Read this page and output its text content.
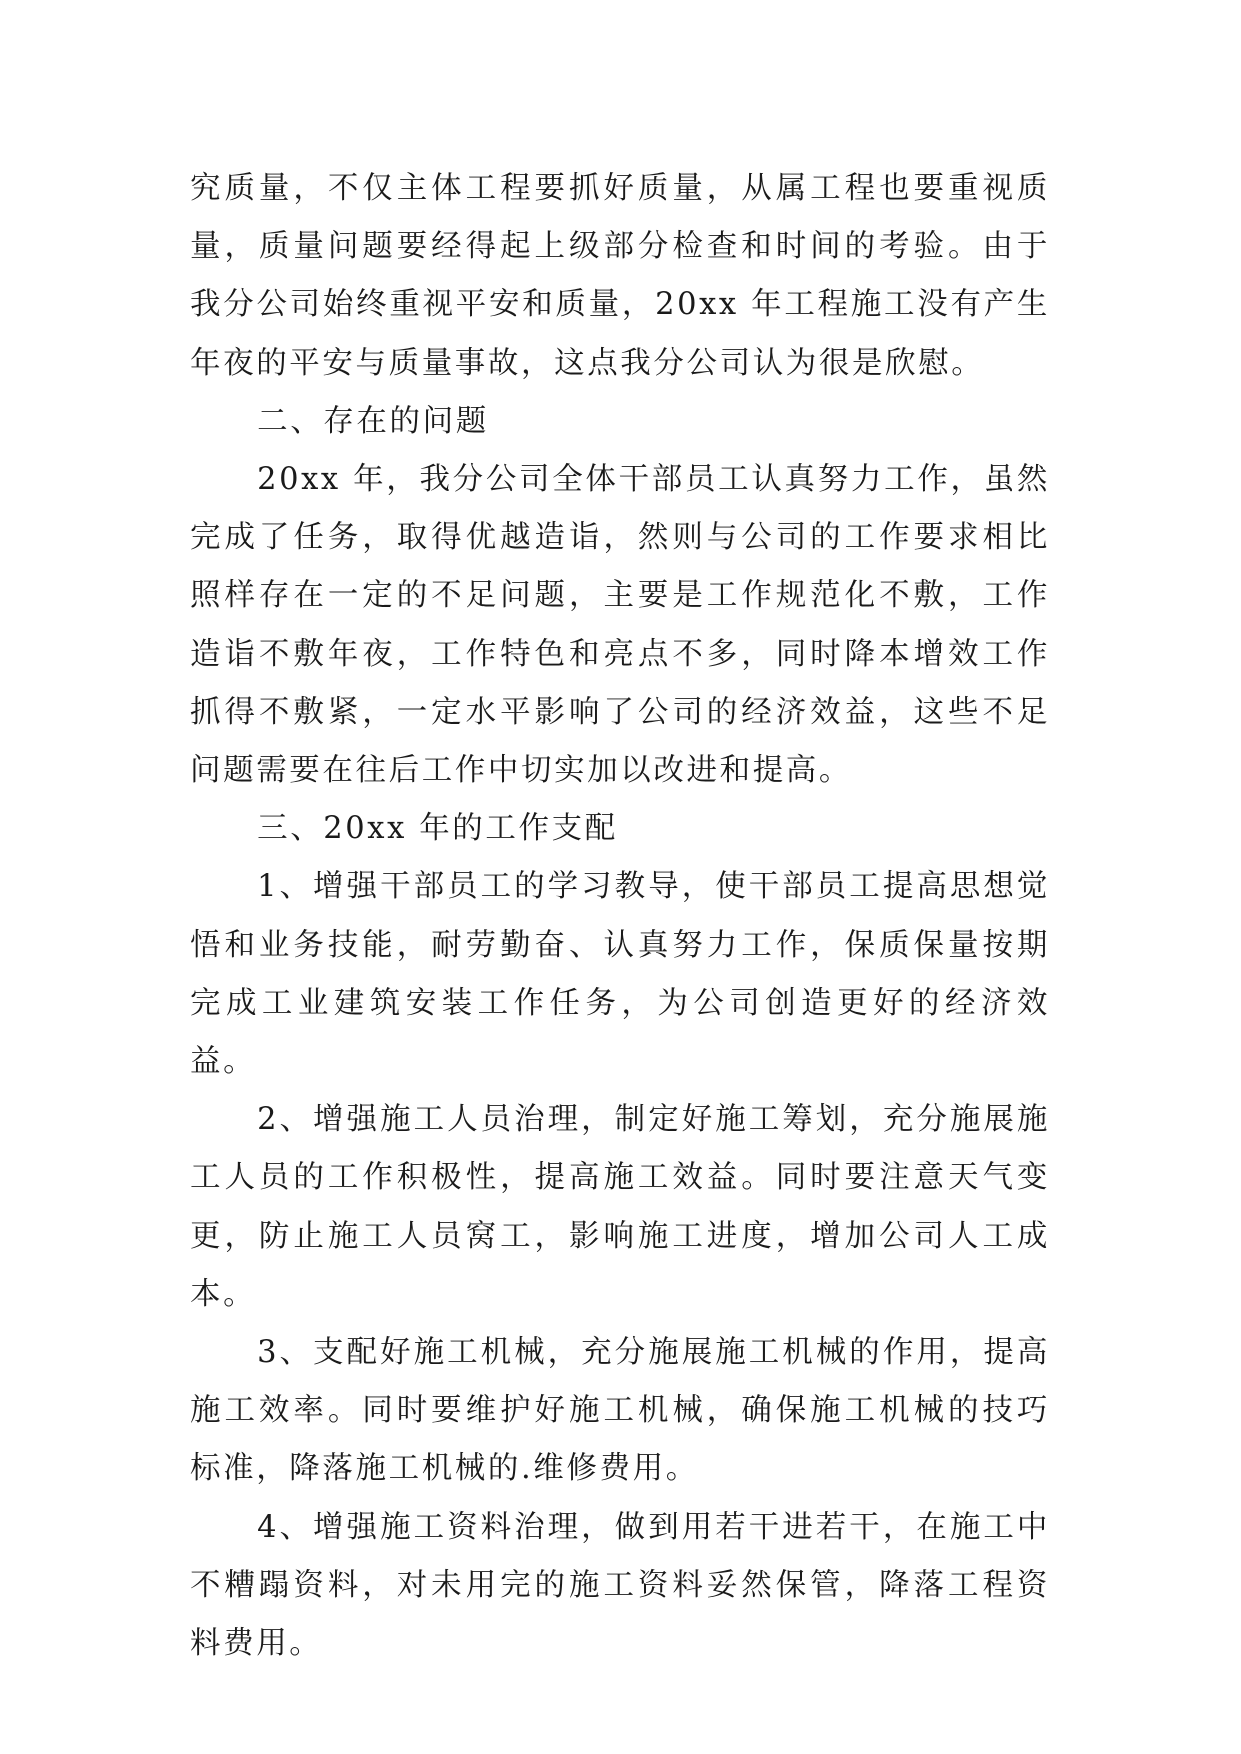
究质量，不仅主体工程要抓好质量，从属工程也要重视质量，质量问题要经得起上级部分检查和时间的考验。由于我分公司始终重视平安和质量，20xx 年工程施工没有产生年夜的平安与质量事故，这点我分公司认为很是欣慰。

二、存在的问题

20xx 年，我分公司全体干部员工认真努力工作，虽然完成了任务，取得优越造诣，然则与公司的工作要求相比照样存在一定的不足问题，主要是工作规范化不敷，工作造诣不敷年夜，工作特色和亮点不多，同时降本增效工作抓得不敷紧，一定水平影响了公司的经济效益，这些不足问题需要在往后工作中切实加以改进和提高。

三、20xx 年的工作支配

1、增强干部员工的学习教导，使干部员工提高思想觉悟和业务技能，耐劳勤奋、认真努力工作，保质保量按期完成工业建筑安装工作任务，为公司创造更好的经济效益。

2、增强施工人员治理，制定好施工筹划，充分施展施工人员的工作积极性，提高施工效益。同时要注意天气变更，防止施工人员窝工，影响施工进度，增加公司人工成本。

3、支配好施工机械，充分施展施工机械的作用，提高施工效率。同时要维护好施工机械，确保施工机械的技巧标准，降落施工机械的.维修费用。

4、增强施工资料治理，做到用若干进若干，在施工中不糟蹋资料，对未用完的施工资料妥然保管，降落工程资料费用。
